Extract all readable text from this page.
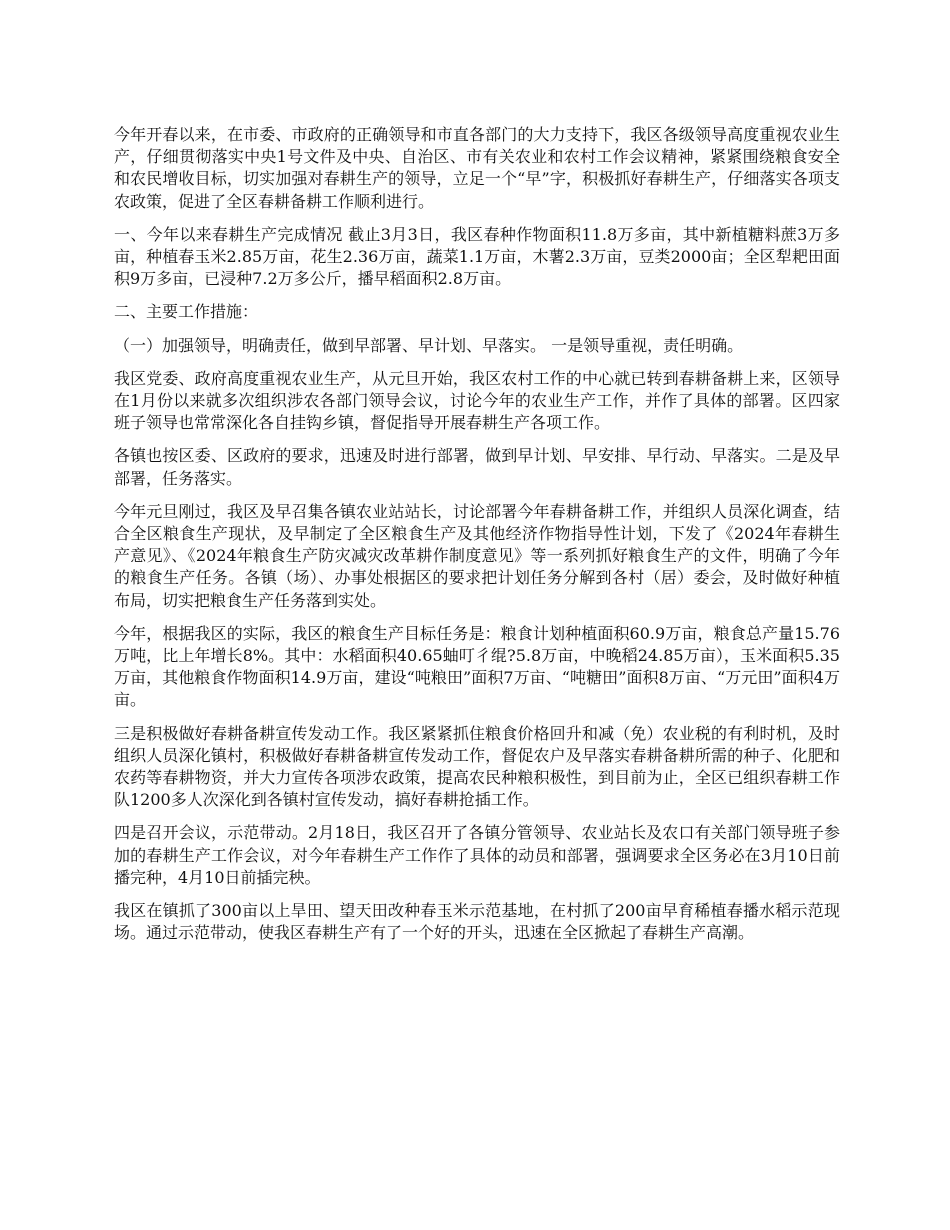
今年开春以来，在市委、市政府的正确领导和市直各部门的大力支持下，我区各级领导高度重视农业生产，仔细贯彻落实中央1号文件及中央、自治区、市有关农业和农村工作会议精神，紧紧围绕粮食安全和农民增收目标，切实加强对春耕生产的领导，立足一个“早”字，积极抓好春耕生产，仔细落实各项支农政策，促进了全区春耕备耕工作顺利进行。

一、今年以来春耕生产完成情况 截止3月3日，我区春种作物面积11.8万多亩，其中新植糖料蔗3万多亩，种植春玉米2.85万亩，花生2.36万亩，蔬菜1.1万亩，木薯2.3万亩，豆类2000亩；全区犁耙田面积9万多亩，已浸种7.2万多公斤，播早稻面积2.8万亩。

二、主要工作措施：

（一）加强领导，明确责任，做到早部署、早计划、早落实。 一是领导重视，责任明确。

我区党委、政府高度重视农业生产，从元旦开始，我区农村工作的中心就已转到春耕备耕上来，区领导在1月份以来就多次组织涉农各部门领导会议，讨论今年的农业生产工作，并作了具体的部署。区四家班子领导也常常深化各自挂钩乡镇，督促指导开展春耕生产各项工作。

各镇也按区委、区政府的要求，迅速及时进行部署，做到早计划、早安排、早行动、早落实。二是及早部署，任务落实。

今年元旦刚过，我区及早召集各镇农业站站长，讨论部署今年春耕备耕工作，并组织人员深化调查，结合全区粮食生产现状，及早制定了全区粮食生产及其他经济作物指导性计划，下发了《2024年春耕生产意见》、《2024年粮食生产防灾减灾改革耕作制度意见》等一系列抓好粮食生产的文件，明确了今年的粮食生产任务。各镇（场）、办事处根据区的要求把计划任务分解到各村（居）委会，及时做好种植布局，切实把粮食生产任务落到实处。

今年，根据我区的实际，我区的粮食生产目标任务是：粮食计划种植面积60.9万亩，粮食总产量15.76万吨，比上年增长8%。其中：水稻面积40.65蚰叮彳绲?5.8万亩，中晚稻24.85万亩），玉米面积5.35万亩，其他粮食作物面积14.9万亩，建设“吨粮田”面积7万亩、“吨糖田”面积8万亩、“万元田”面积4万亩。

三是积极做好春耕备耕宣传发动工作。我区紧紧抓住粮食价格回升和减（免）农业税的有利时机，及时组织人员深化镇村，积极做好春耕备耕宣传发动工作，督促农户及早落实春耕备耕所需的种子、化肥和农药等春耕物资，并大力宣传各项涉农政策，提高农民种粮积极性，到目前为止，全区已组织春耕工作队1200多人次深化到各镇村宣传发动，搞好春耕抢插工作。

四是召开会议，示范带动。2月18日，我区召开了各镇分管领导、农业站长及农口有关部门领导班子参加的春耕生产工作会议，对今年春耕生产工作作了具体的动员和部署，强调要求全区务必在3月10日前播完种，4月10日前插完秧。

我区在镇抓了300亩以上旱田、望天田改种春玉米示范基地，在村抓了200亩早育稀植春播水稻示范现场。通过示范带动，使我区春耕生产有了一个好的开头，迅速在全区掀起了春耕生产高潮。
